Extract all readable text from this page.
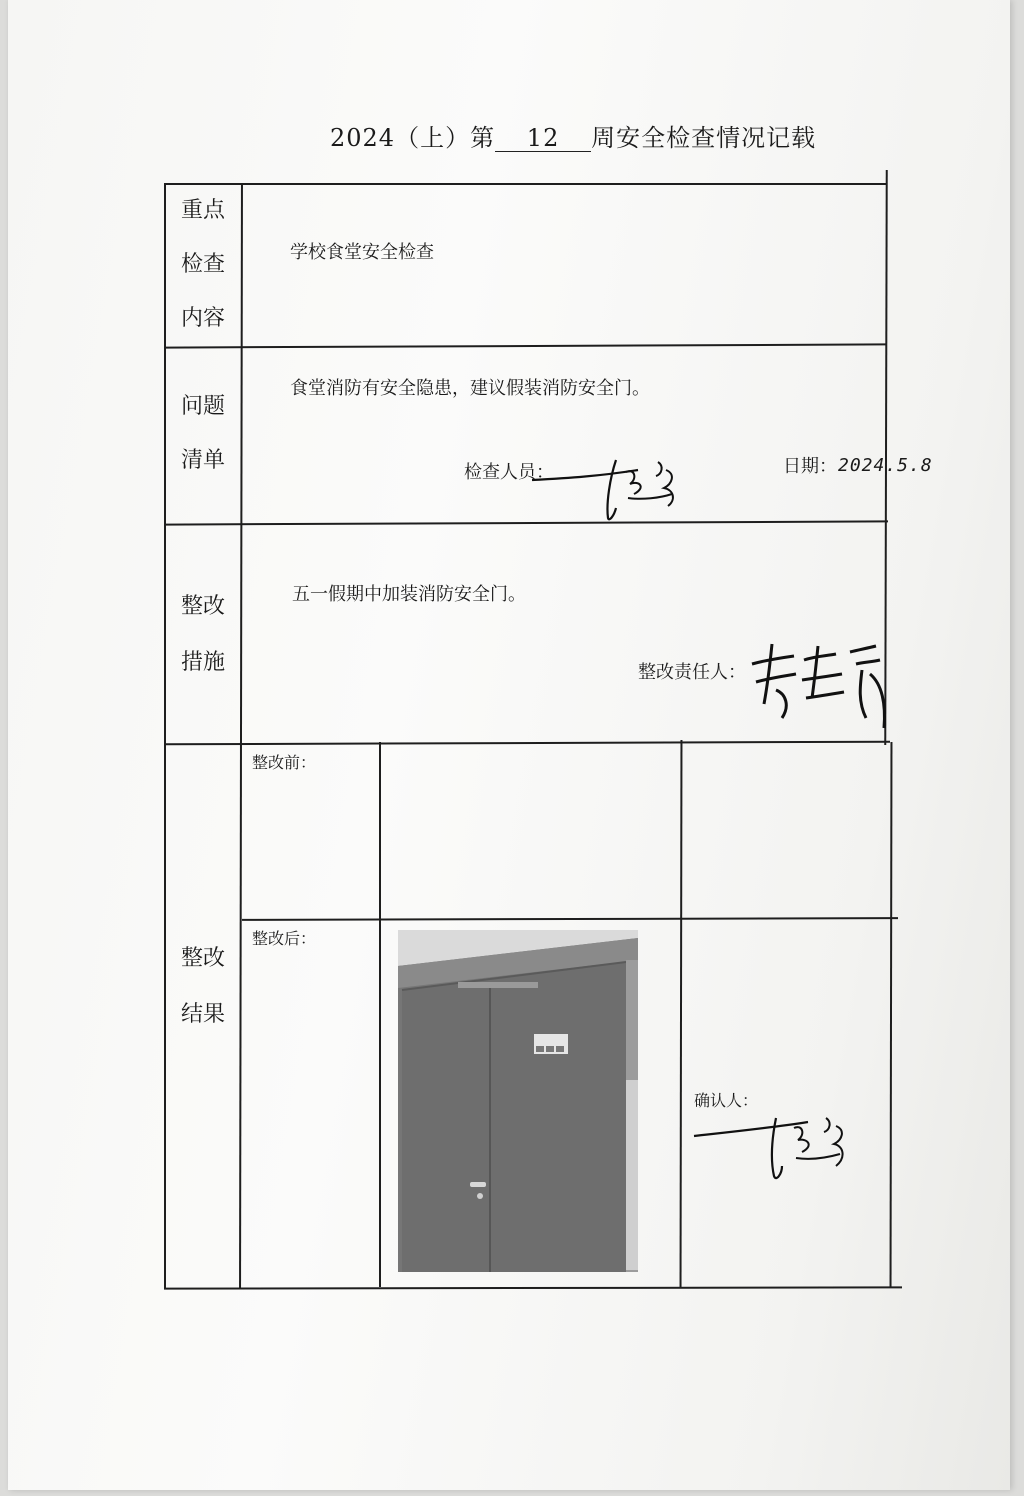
2024（上）第 12 周安全检查情况记载
重点
检查
内容
学校食堂安全检查
问题
清单
食堂消防有安全隐患，建议假装消防安全门。
检查人员：	日期： 2024.5.8
整改
措施
五一假期中加装消防安全门。
整改责任人：
整改
结果
整改前：
整改后：
确认人：
